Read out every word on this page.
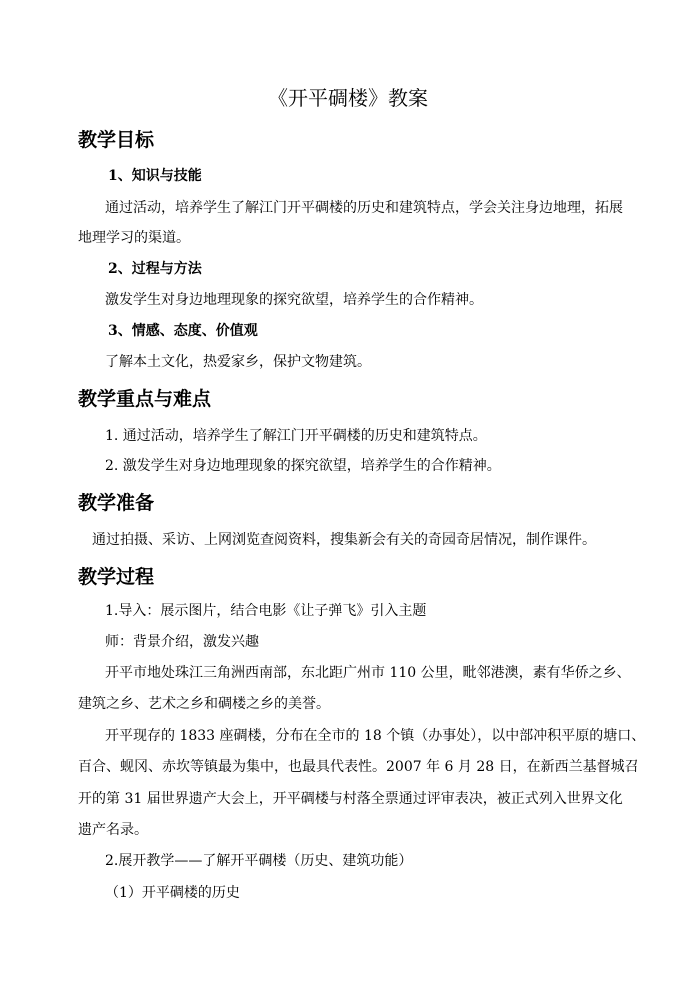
《开平碉楼》教案
教学目标
1、知识与技能
通过活动，培养学生了解江门开平碉楼的历史和建筑特点，学会关注身边地理，拓展
地理学习的渠道。
2、过程与方法
激发学生对身边地理现象的探究欲望，培养学生的合作精神。
3、情感、态度、价值观
了解本土文化，热爱家乡，保护文物建筑。
教学重点与难点
1. 通过活动，培养学生了解江门开平碉楼的历史和建筑特点。
2. 激发学生对身边地理现象的探究欲望，培养学生的合作精神。
教学准备
通过拍摄、采访、上网浏览查阅资料，搜集新会有关的奇园奇居情况，制作课件。
教学过程
1.导入：展示图片，结合电影《让子弹飞》引入主题
师：背景介绍，激发兴趣
开平市地处珠江三角洲西南部，东北距广州市 110 公里，毗邻港澳，素有华侨之乡、
建筑之乡、艺术之乡和碉楼之乡的美誉。
开平现存的 1833 座碉楼，分布在全市的 18 个镇（办事处），以中部冲积平原的塘口、
百合、蚬冈、赤坎等镇最为集中，也最具代表性。2007 年 6 月 28 日，在新西兰基督城召
开的第 31 届世界遗产大会上，开平碉楼与村落全票通过评审表决，被正式列入世界文化
遗产名录。
2.展开教学——了解开平碉楼（历史、建筑功能）
（1）开平碉楼的历史
